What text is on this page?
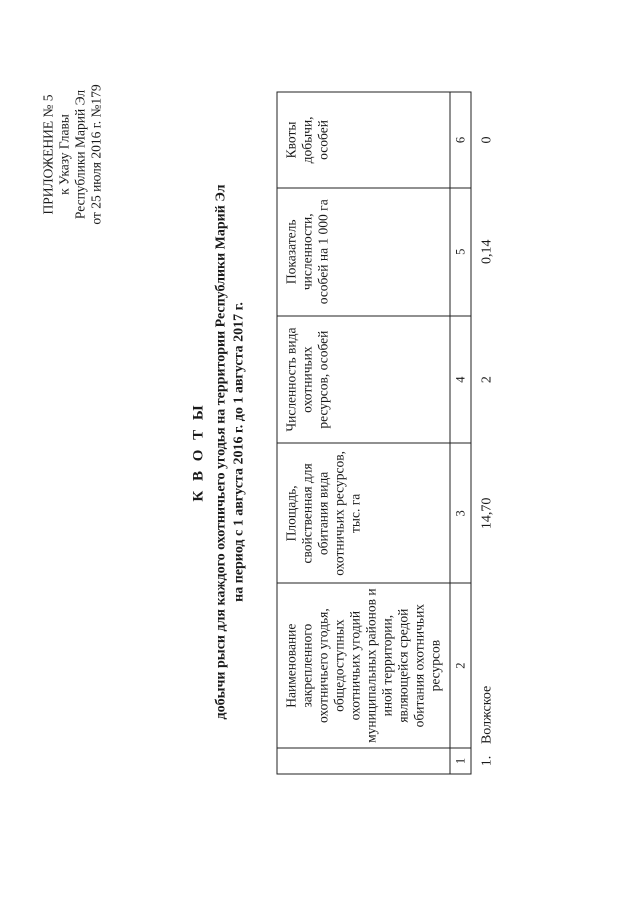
ПРИЛОЖЕНИЕ № 5 к Указу Главы Республики Марий Эл от 25 июля 2016 г. №179
К В О Т Ы добычи рыси для каждого охотничьего угодья на территории Республики Марий Эл на период с 1 августа 2016 г. до 1 августа 2017 г.
	Наименование закрепленного охотничьего угодья, общедоступных охотничьих угодий муниципальных районов и иной территории, являющейся средой обитания охотничьих ресурсов	Площадь, свойственная для обитания вида охотничьих ресурсов, тыс. га	Численность вида охотничьих ресурсов, особей	Показатель численности, особей на 1 000 га	Квоты добычи, особей
1	2	3	4	5	6
1.	Волжское	14,70	2	0,14	0
